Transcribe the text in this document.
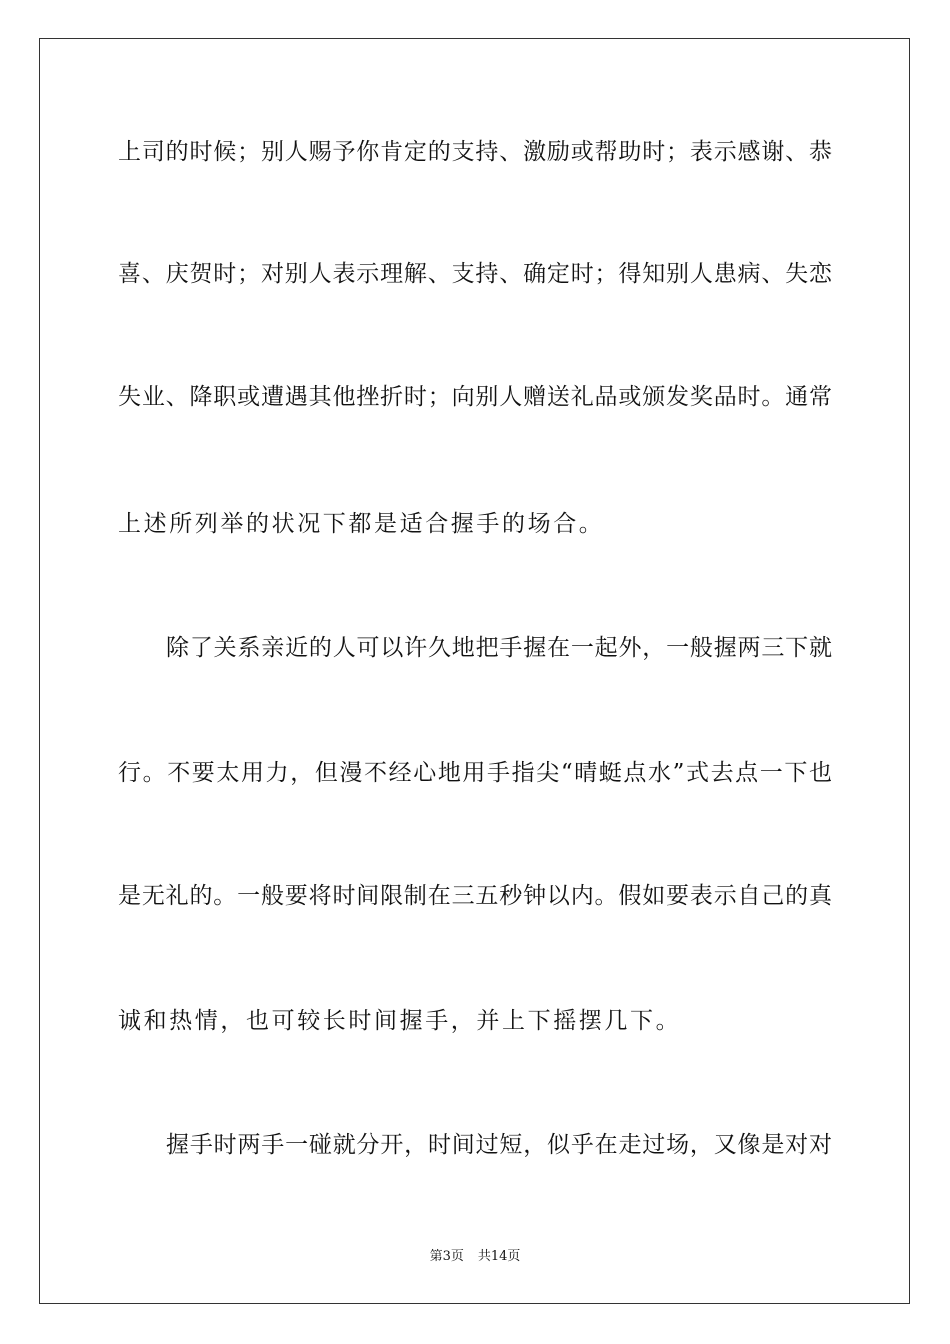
上司的时候；别人赐予你肯定的支持、激励或帮助时；表示感谢、恭
喜、庆贺时；对别人表示理解、支持、确定时；得知别人患病、失恋
失业、降职或遭遇其他挫折时；向别人赠送礼品或颁发奖品时。通常
上述所列举的状况下都是适合握手的场合。
除了关系亲近的人可以许久地把手握在一起外，一般握两三下就
行。不要太用力，但漫不经心地用手指尖“晴蜓点水”式去点一下也
是无礼的。一般要将时间限制在三五秒钟以内。假如要表示自己的真
诚和热情，也可较长时间握手，并上下摇摆几下。
握手时两手一碰就分开，时间过短，似乎在走过场，又像是对对
第3页 共14页
